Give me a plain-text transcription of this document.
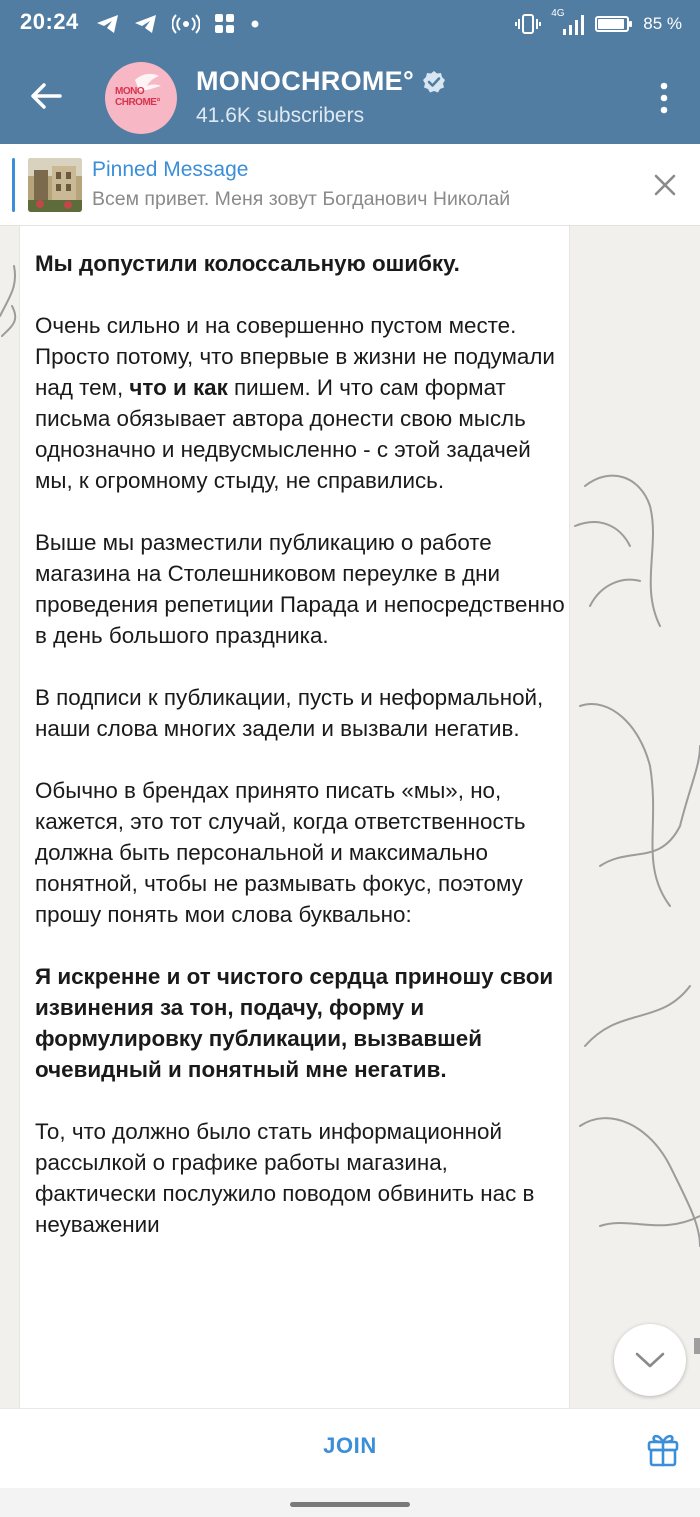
20:24	4G
85 %
MONO CHROME°
MONOCHROME°
41.6K subscribers
Pinned Message
Всем привет. Меня зовут Богданович Николай

Мы допустили колоссальную ошибку.

Очень сильно и на совершенно пустом месте. Просто потому, что впервые в жизни не подумали над тем, что и как пишем. И что сам формат письма обязывает автора донести свою мысль однозначно и недвусмысленно - с этой задачей мы, к огромному стыду, не справились.

Выше мы разместили публикацию о работе магазина на Столешниковом переулке в дни проведения репетиции Парада и непосредственно в день большого праздника.

В подписи к публикации, пусть и неформальной, наши слова многих задели и вызвали негатив.

Обычно в брендах принято писать «мы», но, кажется, это тот случай, когда ответственность должна быть персональной и максимально понятной, чтобы не размывать фокус, поэтому прошу понять мои слова буквально:

Я искренне и от чистого сердца приношу свои извинения за тон, подачу, форму и формулировку публикации, вызвавшей очевидный и понятный мне негатив.

То, что должно было стать информационной рассылкой о графике работы магазина, фактически послужило поводом обвинить нас в неуважении

JOIN
